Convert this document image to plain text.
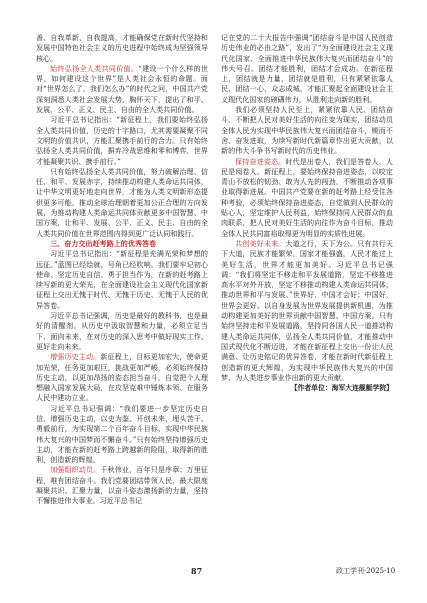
善、自我革新、自我提高，才能确保党在新时代坚持和发展中国特色社会主义的历史进程中始终成为坚强领导核心。

始终弘扬全人类共同价值。“建设一个什么样的世界，如何建设这个世界”是人类社会永恒的命题。面对“世界怎么了、我们怎么办”的时代之问，中国共产党深刻洞悉人类社会发展大势，胸怀天下，提出了和平、发展、公平、正义、民主、自由的全人类共同价值。

习近平总书记指出：“新征程上，我们要始终弘扬全人类共同价值，历史的十字路口，尤其需要凝聚不同文明的价值共识，方能汇聚携手前行的合力。只有始终弘扬全人类共同价值，摒弃冷战思维和零和博弈，世界才能凝聚共识、携手前行。”

只有始终弘扬全人类共同价值，努力破解治理、信任、和平、发展赤字，持续推动构建人类命运共同体，让中华文明更好地走向世界，才能为人类文明新形态提供更多可能，推动全球治理朝着更加公正合理的方向发展，为推动构建人类命运共同体贡献更多中国智慧、中国方案，让和平、发展、公平、正义、民主、自由的全人类共同价值在世界范围内得到更广泛认同和践行。

三、奋力交出赶考路上的优秀答卷

习近平总书记指出：“新征程是充满光荣和梦想的远征。”蓝图已经绘就，号角已经吹响。我们要牢记初心使命、坚定历史自信、勇于担当作为，在新的赶考路上续写新的更大荣光，在全面建设社会主义现代化国家新征程上交出无愧于时代、无愧于历史、无愧于人民的优异答卷。

习近平总书记强调，历史是最好的教科书，也是最好的清醒剂。从历史中汲取智慧和力量，必须立足当下、面向未来，在对历史的深入思考中做好现实工作、更好走向未来。

增强历史主动。新征程上，目标更加宏大，使命更加光荣，任务更加艰巨，挑战更加严峻，必须始终保持历史主动，以更加昂扬的姿态担当奋斗，自觉把个人理想融入国家发展大局，在攻坚克难中锤炼本领、在服务人民中建功立业。

习近平总书记强调：“我们要进一步坚定历史自信、增强历史主动，以史为鉴、开创未来，埋头苦干、勇毅前行，为实现第二个百年奋斗目标、实现中华民族伟大复兴的中国梦而不懈奋斗。”只有始终坚持增强历史主动，才能在新的赶考路上跨越新的险阻，取得新的胜利，创造新的辉煌。

加强组织动员。千秋伟业，百年只是序章；万里征程，唯有团结奋斗。我们党要团结带领人民，最大限度凝聚共识、汇聚力量，以奋斗姿态激扬新的力量，坚持不懈推进伟大事业。习近平总书记

记在党的二十大报告中强调“团结奋斗是中国人民创造历史伟业的必由之路”，发出了“为全面建设社会主义现代化国家、全面推进中华民族伟大复兴而团结奋斗”的伟大号召。团结才能胜利，团结才会成功。在新征程上，团结就是力量，团结就是胜利，只有紧紧依靠人民、团结一心、众志成城，才能汇聚起全面建设社会主义现代化国家的磅礴伟力，从胜利走向新的胜利。

我们必须坚持人民至上，紧紧依靠人民、团结奋斗、不断把人民对美好生活的向往变为现实，团结动员全体人民为实现中华民族伟大复兴而团结奋斗，锲而不舍、奋发进取，为续写新时代新篇章作出更大贡献，以新的伟大斗争书写新时代的历史伟业。

保持奋进姿态。时代是出卷人，我们是答卷人，人民是阅卷人。新征程上，要始终保持奋进姿态，以咬定青山不放松的韧劲、敢为人先的闯劲，不断推动各项事业取得新进展。中国共产党要在新的赶考路上经受住各种考验，必须始终保持奋进姿态，自觉做到人民群众的贴心人，坚定维护人民利益，始终保持同人民群众的血肉联系，把人民对美好生活的向往作为奋斗目标，推动全体人民共同富裕取得更为明显的实质性进展。

共创美好未来。大道之行，天下为公。只有共行天下大道，民族才能繁荣，国家才能强盛，人民才能过上美好生活，世界才能更加美好。习近平总书记强调：“我们将坚定不移走和平发展道路，坚定不移推进高水平对外开放，坚定不移推动构建人类命运共同体，推动世界和平与发展。”世界好，中国才会好；中国好，世界会更好。以自身发展为世界发展提供新机遇，为推动构建更加美好的世界贡献中国智慧、中国方案。只有始终坚持走和平发展道路，坚持同各国人民一道推动构建人类命运共同体，弘扬全人类共同价值，才能推动中国式现代化不断迈进，才能在新征程上交出一份让人民满意、让历史铭记的优异答卷，才能在新时代新征程上创造新的更大辉煌，为实现中华民族伟大复兴的中国梦、为人类进步事业作出新的更大贡献。

【作者单位：海军大连舰艇学院】

87	政工学刊·2025·10
